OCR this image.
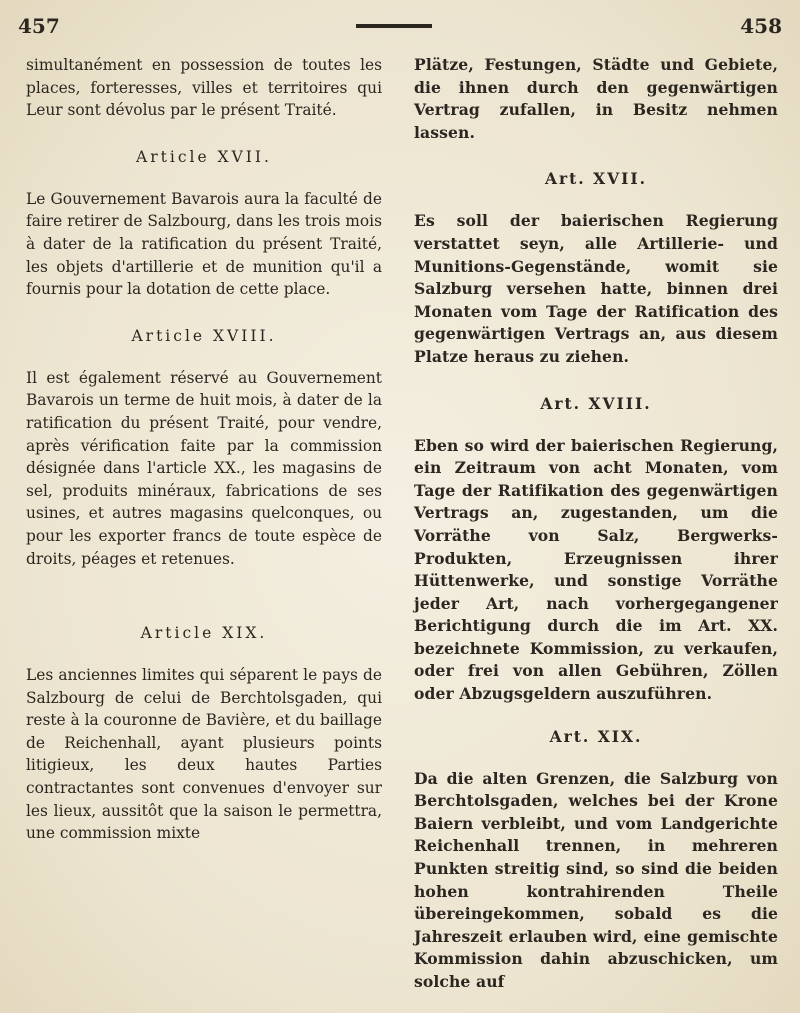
457	458

simultanément en possession de toutes les places, forteresses, villes et territoires qui Leur sont dévolus par le présent Traité.

Article XVII.

Le Gouvernement Bavarois aura la faculté de faire retirer de Salzbourg, dans les trois mois à dater de la ratification du présent Traité, les objets d'artillerie et de munition qu'il a fournis pour la dotation de cette place.

Article XVIII.

Il est également réservé au Gouvernement Bavarois un terme de huit mois, à dater de la ratification du présent Traité, pour vendre, après vérification faite par la commission désignée dans l'article XX., les magasins de sel, produits minéraux, fabrications de ses usines, et autres magasins quelconques, ou pour les exporter francs de toute espèce de droits, péages et retenues.

Article XIX.

Les anciennes limites qui séparent le pays de Salzbourg de celui de Berchtolsgaden, qui reste à la couronne de Bavière, et du baillage de Reichenhall, ayant plusieurs points litigieux, les deux hautes Parties contractantes sont convenues d'envoyer sur les lieux, aussitôt que la saison le permettra, une commission mixte

Plätze, Festungen, Städte und Gebiete, die ihnen durch den gegenwärtigen Vertrag zufallen, in Besitz nehmen lassen.

Art. XVII.

Es soll der baierischen Regierung verstattet seyn, alle Artillerie- und Munitions-Gegenstände, womit sie Salzburg versehen hatte, binnen drei Monaten vom Tage der Ratification des gegenwärtigen Vertrags an, aus diesem Platze heraus zu ziehen.

Art. XVIII.

Eben so wird der baierischen Regierung, ein Zeitraum von acht Monaten, vom Tage der Ratifikation des gegenwärtigen Vertrags an, zugestanden, um die Vorräthe von Salz, Bergwerks-Produkten, Erzeugnissen ihrer Hüttenwerke, und sonstige Vorräthe jeder Art, nach vorhergegangener Berichtigung durch die im Art. XX. bezeichnete Kommission, zu verkaufen, oder frei von allen Gebühren, Zöllen oder Abzugsgeldern auszuführen.

Art. XIX.

Da die alten Grenzen, die Salzburg von Berchtolsgaden, welches bei der Krone Baiern verbleibt, und vom Landgerichte Reichenhall trennen, in mehreren Punkten streitig sind, so sind die beiden hohen kontrahirenden Theile übereingekommen, sobald es die Jahreszeit erlauben wird, eine gemischte Kommission dahin abzuschicken, um solche auf
